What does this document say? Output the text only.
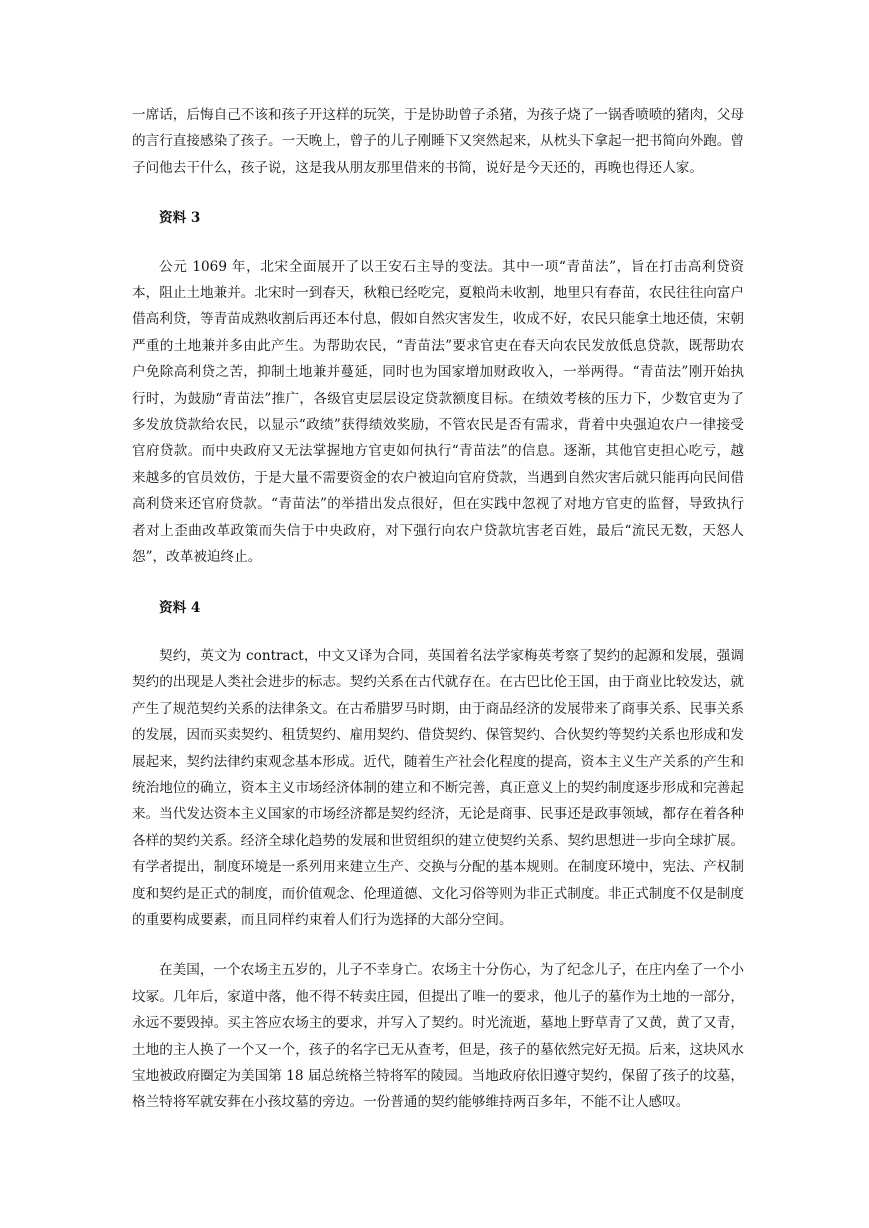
一席话，后悔自己不该和孩子开这样的玩笑，于是协助曾子杀猪，为孩子烧了一锅香喷喷的猪肉，父母的言行直接感染了孩子。一天晚上，曾子的儿子刚睡下又突然起来，从枕头下拿起一把书简向外跑。曾子问他去干什么，孩子说，这是我从朋友那里借来的书简，说好是今天还的，再晚也得还人家。

资料 3

公元 1069 年，北宋全面展开了以王安石主导的变法。其中一项“青苗法”，旨在打击高利贷资本，阻止土地兼并。北宋时一到春天，秋粮已经吃完，夏粮尚未收割，地里只有春苗，农民往往向富户借高利贷，等青苗成熟收割后再还本付息，假如自然灾害发生，收成不好，农民只能拿土地还债，宋朝严重的土地兼并多由此产生。为帮助农民，“青苗法”要求官吏在春天向农民发放低息贷款，既帮助农户免除高利贷之苦，抑制土地兼并蔓延，同时也为国家增加财政收入，一举两得。“青苗法”刚开始执行时，为鼓励“青苗法”推广，各级官吏层层设定贷款额度目标。在绩效考核的压力下，少数官吏为了多发放贷款给农民，以显示“政绩”获得绩效奖励，不管农民是否有需求，背着中央强迫农户一律接受官府贷款。而中央政府又无法掌握地方官吏如何执行“青苗法”的信息。逐渐，其他官吏担心吃亏，越来越多的官员效仿，于是大量不需要资金的农户被迫向官府贷款，当遇到自然灾害后就只能再向民间借高利贷来还官府贷款。“青苗法”的举措出发点很好，但在实践中忽视了对地方官吏的监督，导致执行者对上歪曲改革政策而失信于中央政府，对下强行向农户贷款坑害老百姓，最后“流民无数，天怒人怨”，改革被迫终止。

资料 4

契约，英文为 contract，中文又译为合同，英国着名法学家梅英考察了契约的起源和发展，强调契约的出现是人类社会进步的标志。契约关系在古代就存在。在古巴比伦王国，由于商业比较发达，就产生了规范契约关系的法律条文。在古希腊罗马时期，由于商品经济的发展带来了商事关系、民事关系的发展，因而买卖契约、租赁契约、雇用契约、借贷契约、保管契约、合伙契约等契约关系也形成和发展起来，契约法律约束观念基本形成。近代，随着生产社会化程度的提高，资本主义生产关系的产生和统治地位的确立，资本主义市场经济体制的建立和不断完善，真正意义上的契约制度逐步形成和完善起来。当代发达资本主义国家的市场经济都是契约经济，无论是商事、民事还是政事领域，都存在着各种各样的契约关系。经济全球化趋势的发展和世贸组织的建立使契约关系、契约思想进一步向全球扩展。有学者提出，制度环境是一系列用来建立生产、交换与分配的基本规则。在制度环境中，宪法、产权制度和契约是正式的制度，而价值观念、伦理道德、文化习俗等则为非正式制度。非正式制度不仅是制度的重要构成要素，而且同样约束着人们行为选择的大部分空间。

在美国，一个农场主五岁的，儿子不幸身亡。农场主十分伤心，为了纪念儿子，在庄内垒了一个小坟冢。几年后，家道中落，他不得不转卖庄园，但提出了唯一的要求，他儿子的墓作为土地的一部分，永远不要毁掉。买主答应农场主的要求，并写入了契约。时光流逝，墓地上野草青了又黄，黄了又青，土地的主人换了一个又一个，孩子的名字已无从查考，但是，孩子的墓依然完好无损。后来，这块风水宝地被政府圈定为美国第 18 届总统格兰特将军的陵园。当地政府依旧遵守契约，保留了孩子的坟墓，格兰特将军就安葬在小孩坟墓的旁边。一份普通的契约能够维持两百多年，不能不让人感叹。
